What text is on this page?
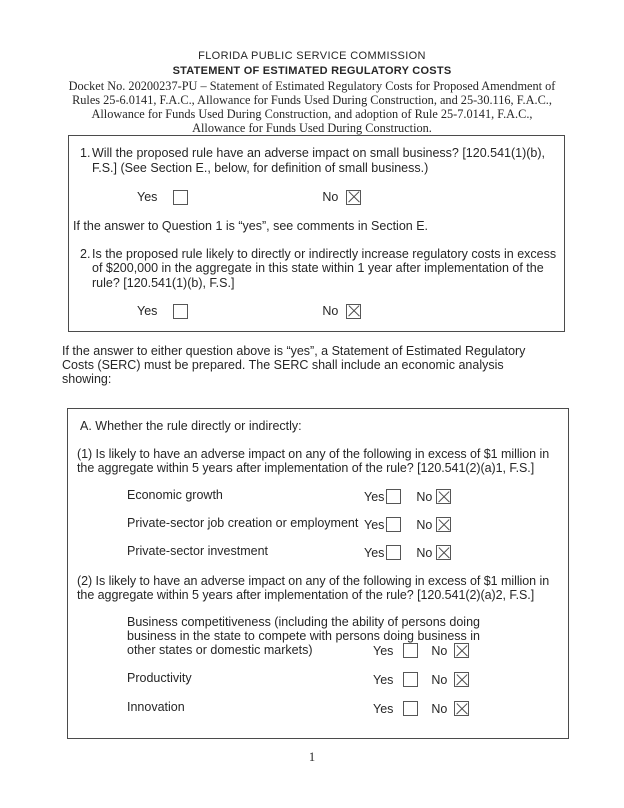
FLORIDA PUBLIC SERVICE COMMISSION
STATEMENT OF ESTIMATED REGULATORY COSTS
Docket No. 20200237-PU – Statement of Estimated Regulatory Costs for Proposed Amendment of Rules 25-6.0141, F.A.C., Allowance for Funds Used During Construction, and 25-30.116, F.A.C., Allowance for Funds Used During Construction, and adoption of Rule 25-7.0141, F.A.C., Allowance for Funds Used During Construction.
1. Will the proposed rule have an adverse impact on small business? [120.541(1)(b), F.S.] (See Section E., below, for definition of small business.)
Yes	No
If the answer to Question 1 is “yes”, see comments in Section E.
2. Is the proposed rule likely to directly or indirectly increase regulatory costs in excess of $200,000 in the aggregate in this state within 1 year after implementation of the rule? [120.541(1)(b), F.S.]
Yes	No
If the answer to either question above is “yes”, a Statement of Estimated Regulatory Costs (SERC) must be prepared. The SERC shall include an economic analysis showing:
A. Whether the rule directly or indirectly:
(1) Is likely to have an adverse impact on any of the following in excess of $1 million in the aggregate within 5 years after implementation of the rule? [120.541(2)(a)1, F.S.]
Economic growth	Yes	No
Private-sector job creation or employment Yes	No
Private-sector investment	Yes	No
(2) Is likely to have an adverse impact on any of the following in excess of $1 million in the aggregate within 5 years after implementation of the rule? [120.541(2)(a)2, F.S.]
Business competitiveness (including the ability of persons doing business in the state to compete with persons doing business in other states or domestic markets)	Yes	No
Productivity	Yes	No
Innovation	Yes	No
1
